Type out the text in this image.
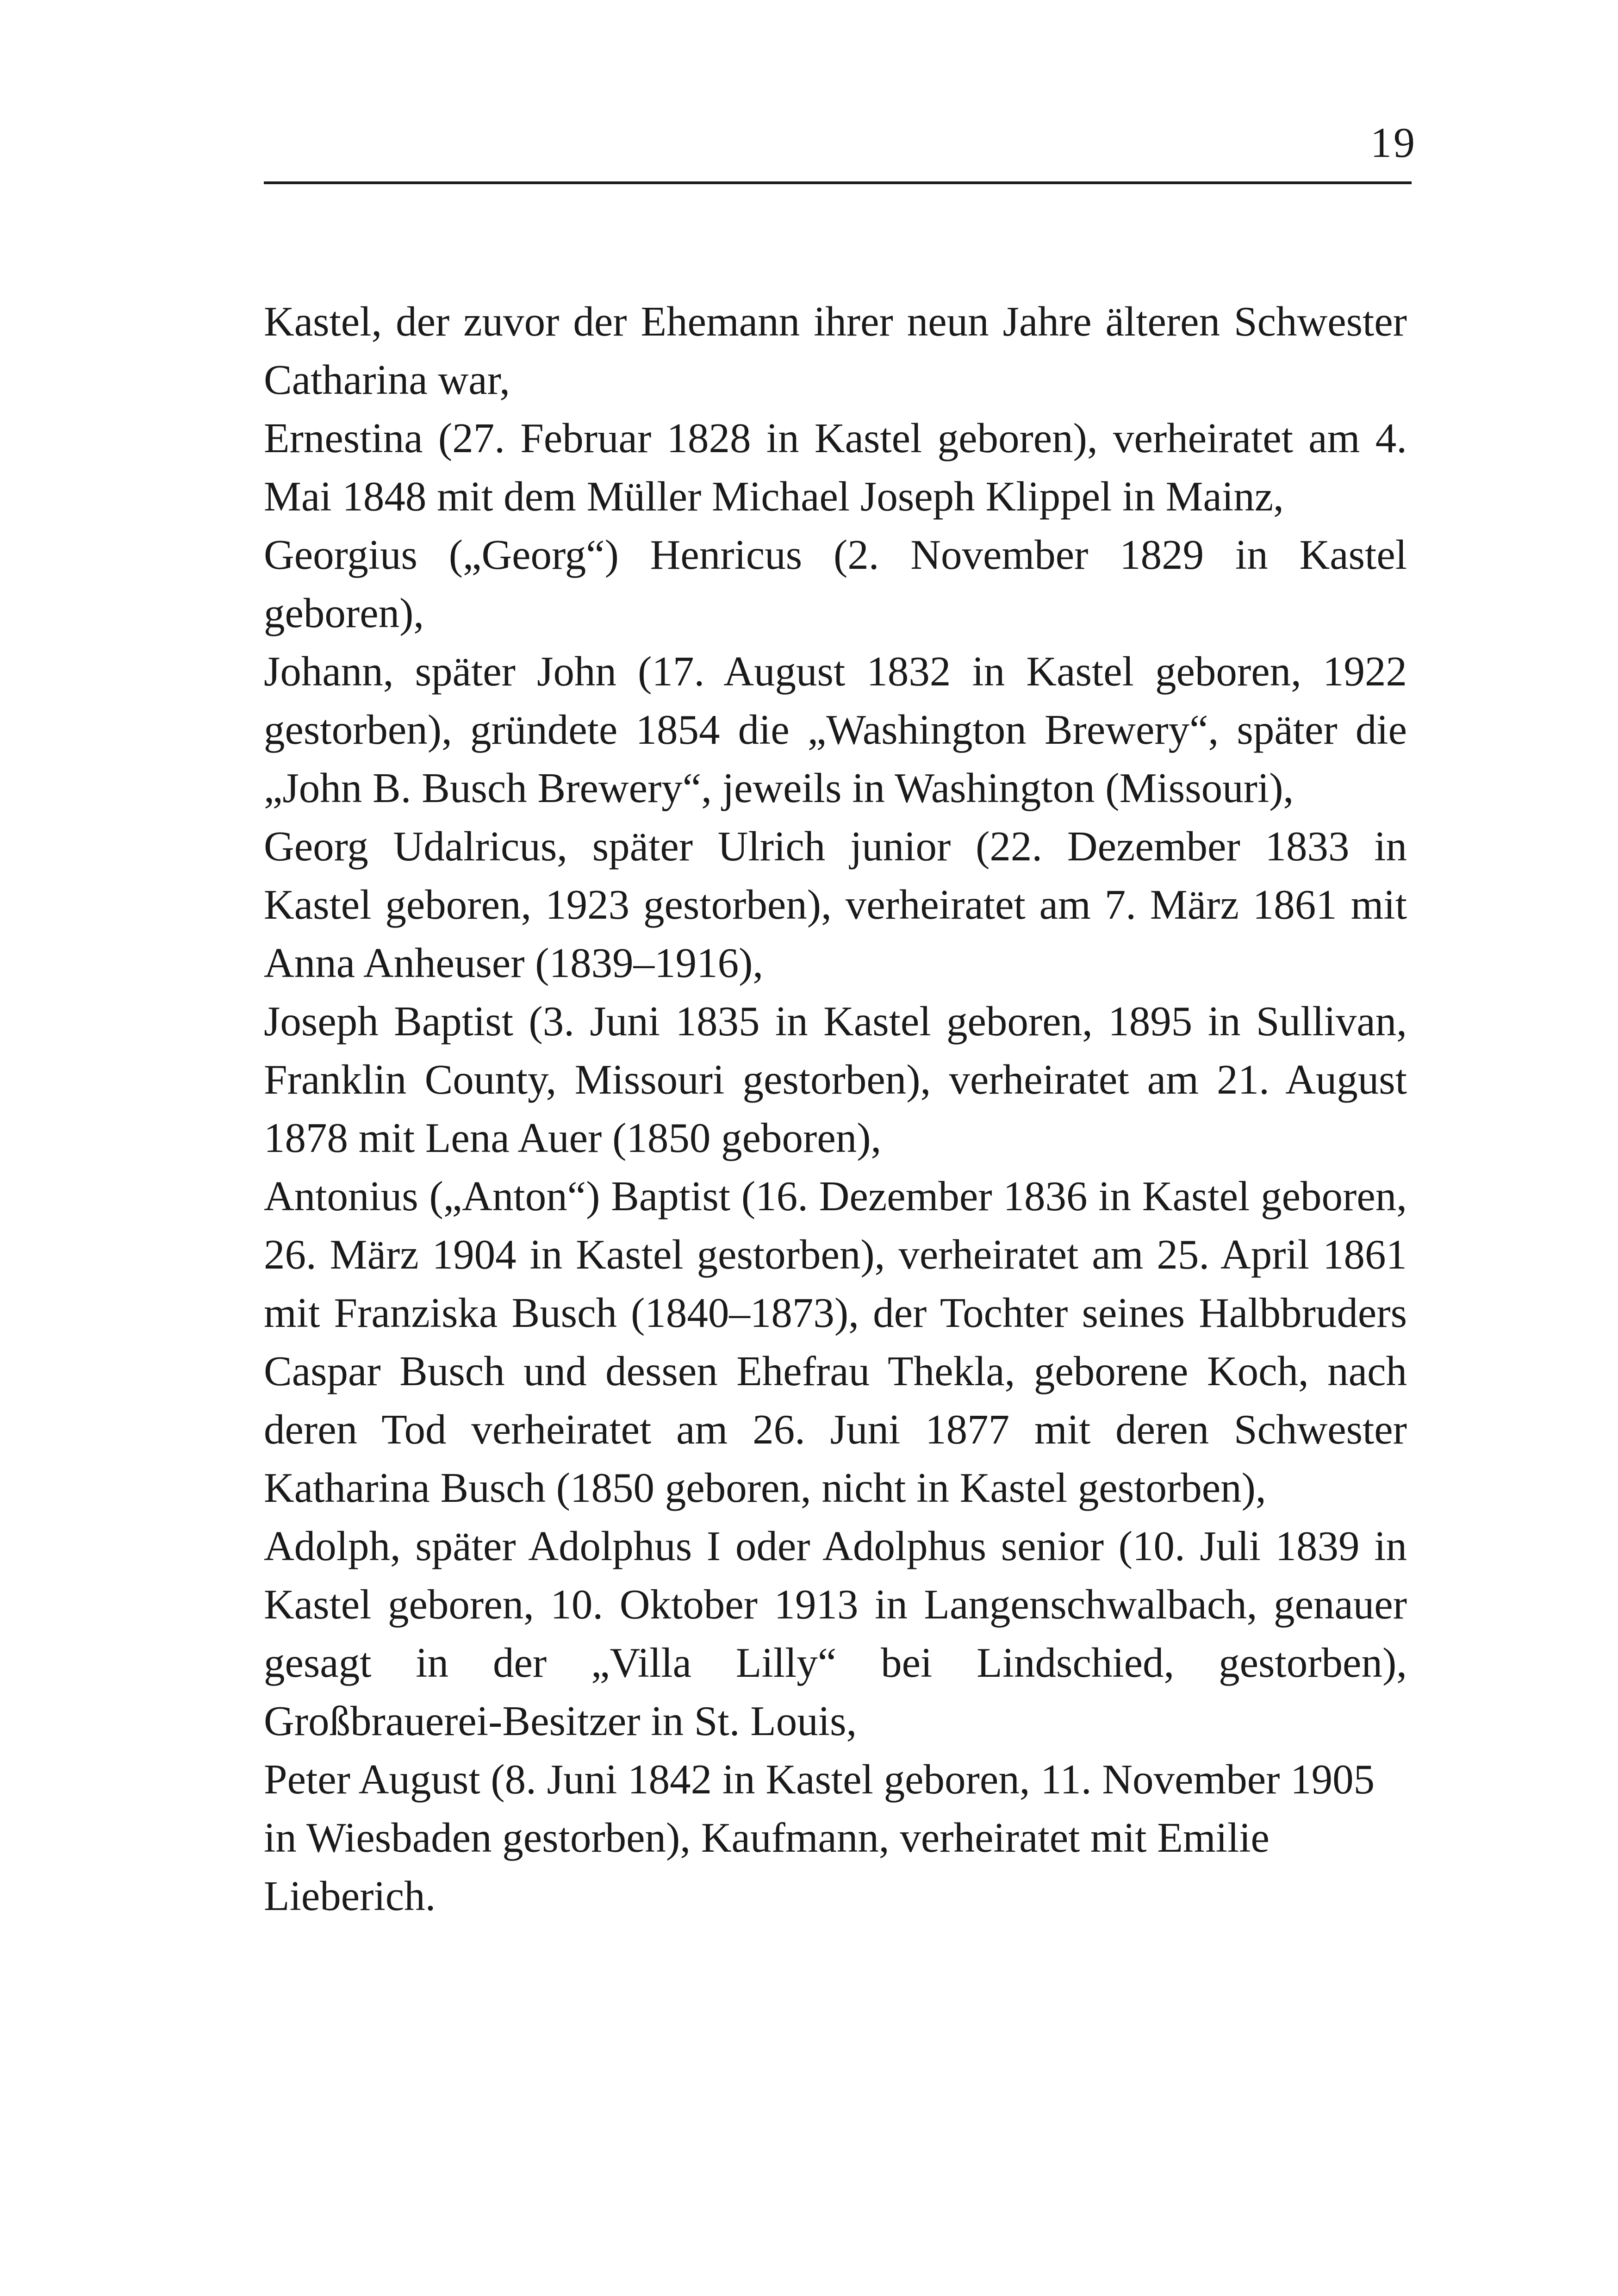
19

Kastel, der zuvor der Ehemann ihrer neun Jahre älteren Schwester Catharina war,

Ernestina (27. Februar 1828 in Kastel geboren), verheiratet am 4. Mai 1848 mit dem Müller Michael Joseph Klippel in Mainz,

Georgius („Georg“) Henricus (2. November 1829 in Kastel geboren),

Johann, später John (17. August 1832 in Kastel geboren, 1922 gestorben), gründete 1854 die „Washington Brewery“, später die „John B. Busch Brewery“, jeweils in Washington (Missouri),

Georg Udalricus, später Ulrich junior (22. Dezember 1833 in Kastel geboren, 1923 gestorben), verheiratet am 7. März 1861 mit Anna Anheuser (1839–1916),

Joseph Baptist (3. Juni 1835 in Kastel geboren, 1895 in Sullivan, Franklin County, Missouri gestorben), verheiratet am 21. August 1878 mit Lena Auer (1850 geboren),

Antonius („Anton“) Baptist (16. Dezember 1836 in Kastel geboren, 26. März 1904 in Kastel gestorben), verheiratet am 25. April 1861 mit Franziska Busch (1840–1873), der Tochter seines Halbbruders Caspar Busch und dessen Ehefrau Thekla, geborene Koch, nach deren Tod verheiratet am 26. Juni 1877 mit deren Schwester Katharina Busch (1850 geboren, nicht in Kastel gestorben),

Adolph, später Adolphus I oder Adolphus senior (10. Juli 1839 in Kastel geboren, 10. Oktober 1913 in Langenschwalbach, genauer gesagt in der „Villa Lilly“ bei Lindschied, gestorben), Großbrauerei-Besitzer in St. Louis,

Peter August (8. Juni 1842 in Kastel geboren, 11. November 1905 in Wiesbaden gestorben), Kaufmann, verheiratet mit Emilie Lieberich.
